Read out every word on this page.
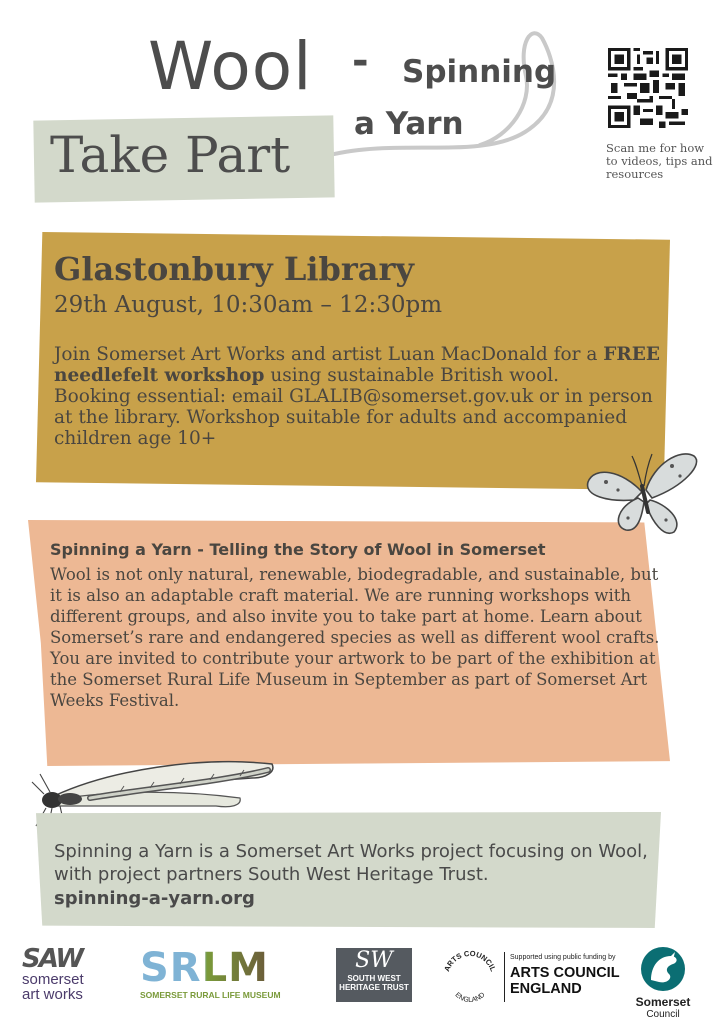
Wool - Spinning
a Yarn
Take Part	Scan me for how to videos, tips and resources
Glastonbury Library
29th August, 10:30am – 12:30pm
Join Somerset Art Works and artist Luan MacDonald for a FREE needlefelt workshop using sustainable British wool.
Booking essential: email GLALIB@somerset.gov.uk or in person at the library. Workshop suitable for adults and accompanied children age 10+
Spinning a Yarn - Telling the Story of Wool in Somerset
Wool is not only natural, renewable, biodegradable, and sustainable, but it is also an adaptable craft material. We are running workshops with different groups, and also invite you to take part at home. Learn about Somerset’s rare and endangered species as well as different wool crafts. You are invited to contribute your artwork to be part of the exhibition at the Somerset Rural Life Museum in September as part of Somerset Art Weeks Festival.
Spinning a Yarn is a Somerset Art Works project focusing on Wool, with project partners South West Heritage Trust.
spinning-a-yarn.org
SAW
somerset
art works
SRLM
SOMERSET RURAL LIFE MUSEUM
SW
SOUTH WEST
HERITAGE TRUST
ARTS COUNCIL
ENGLAND
Supported using public funding by
ARTS COUNCIL
ENGLAND
Somerset
Council
